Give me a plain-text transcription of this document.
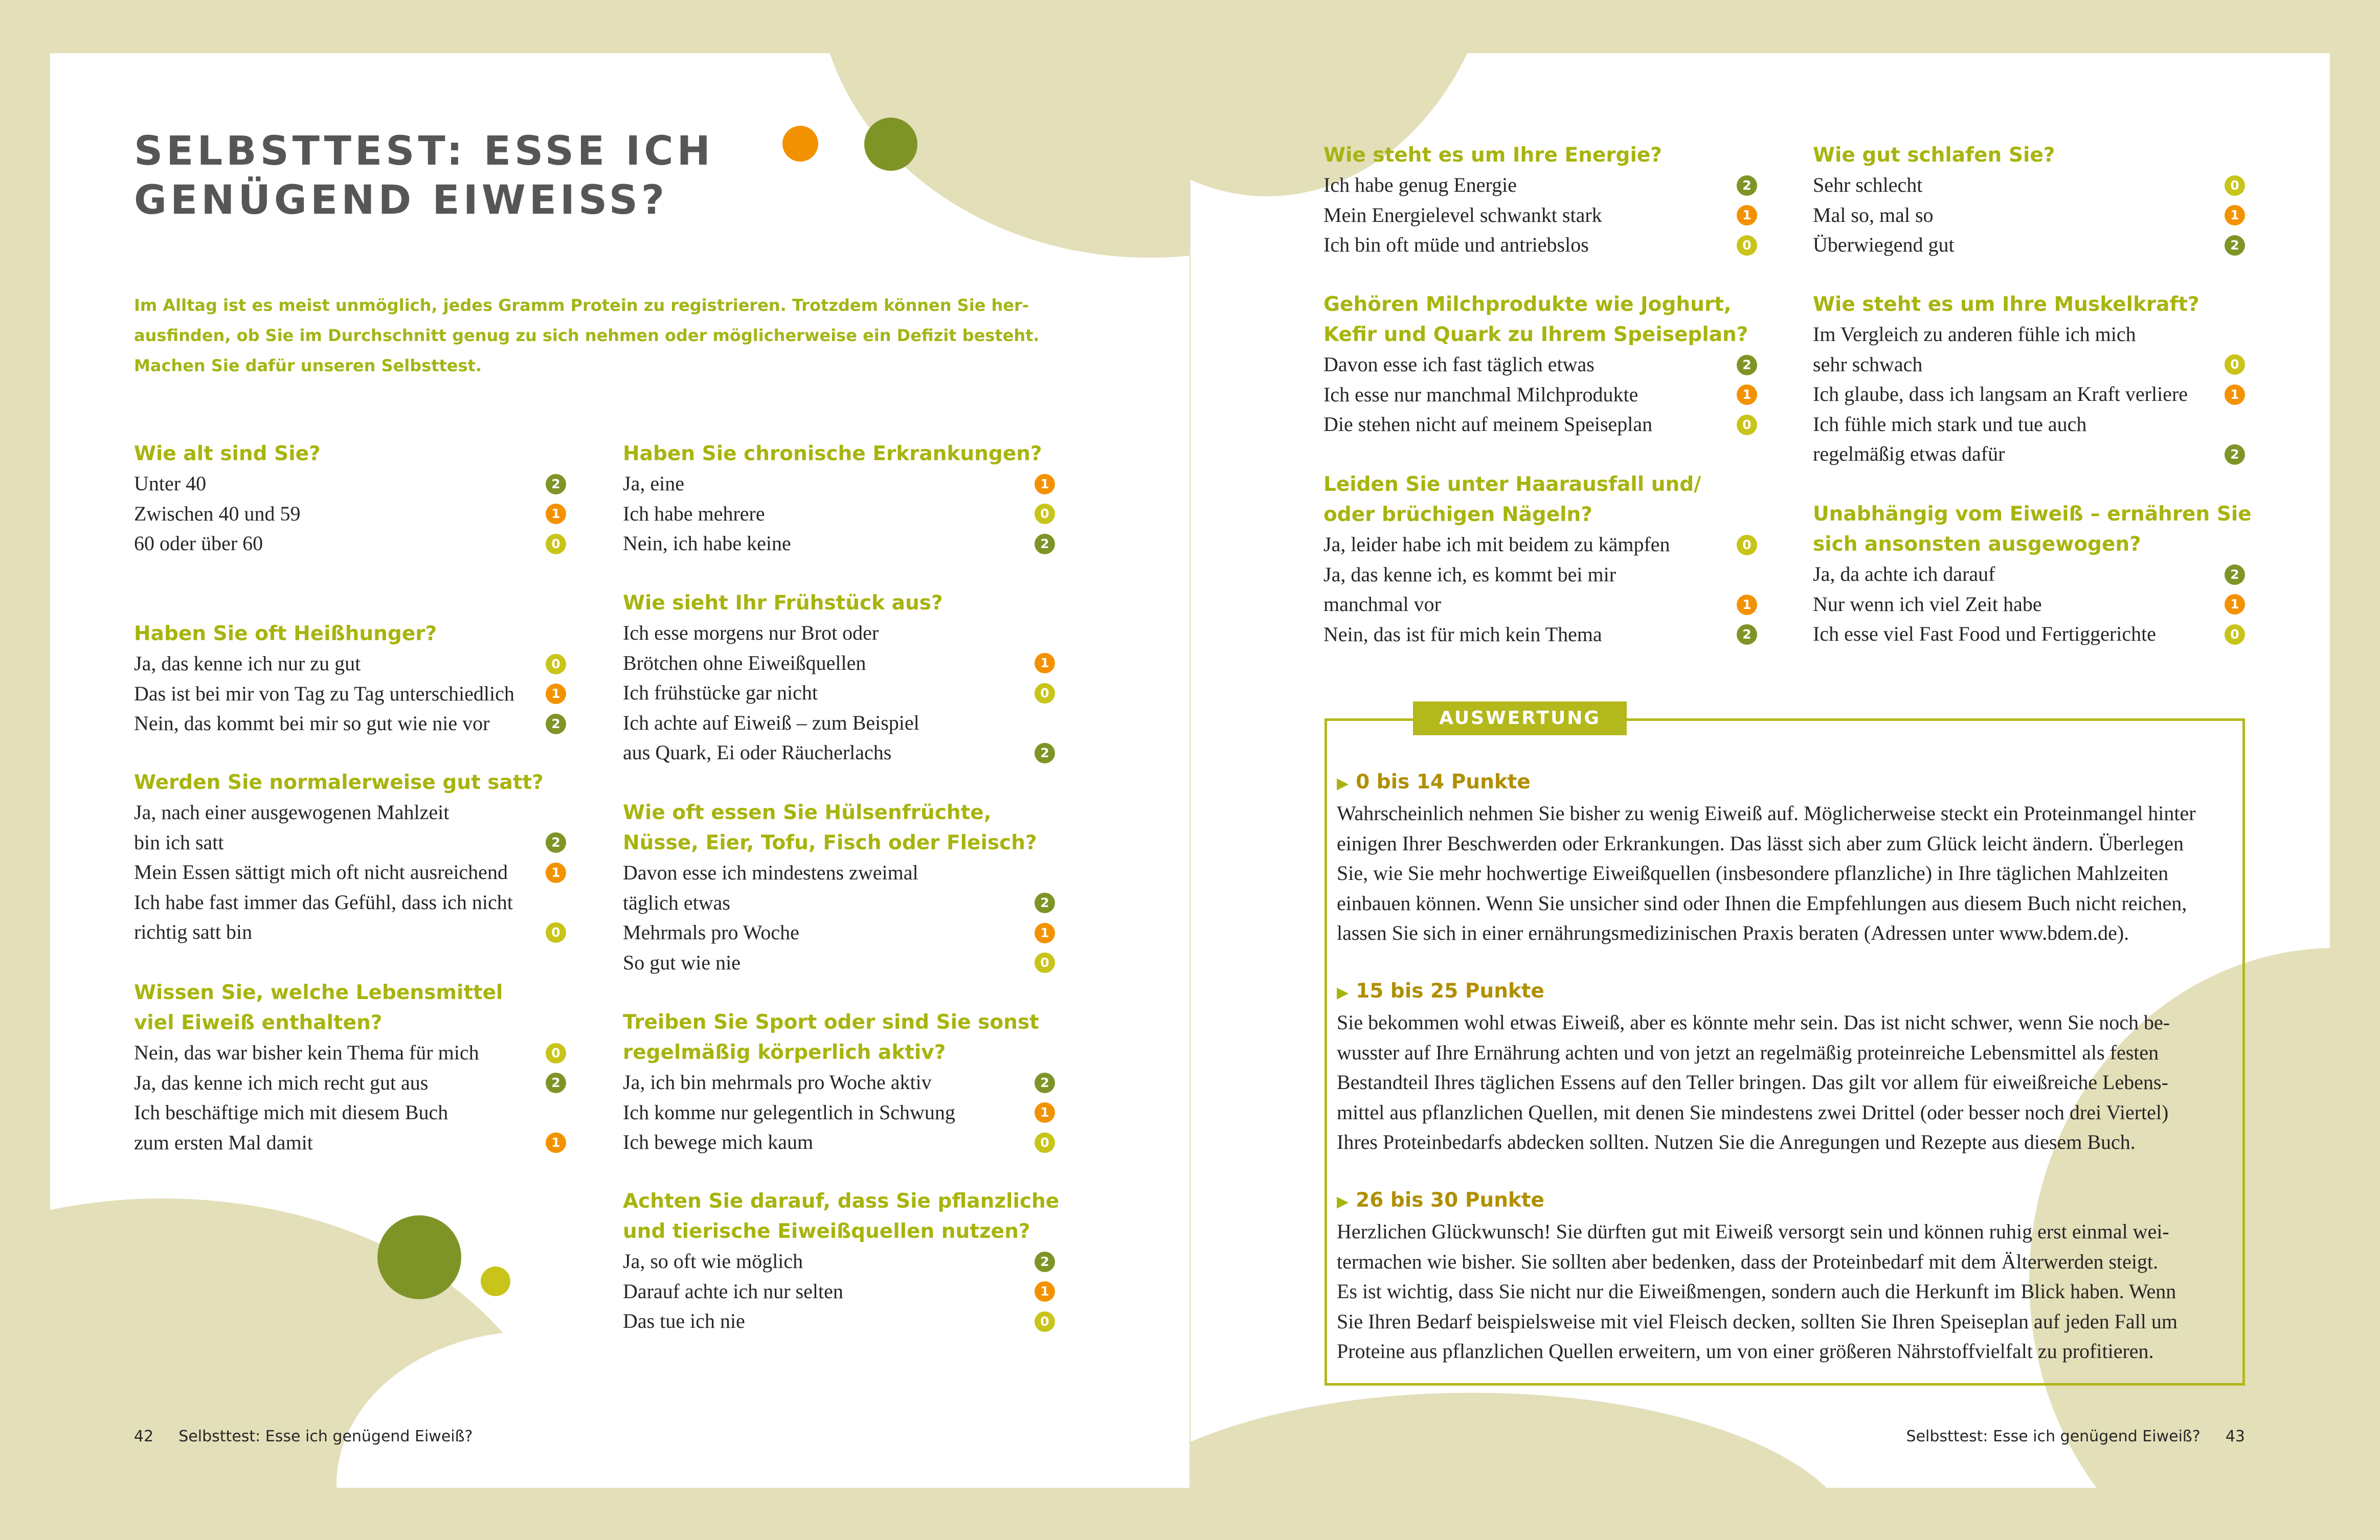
SELBSTTEST: ESSE ICH
GENÜGEND EIWEISS?
Im Alltag ist es meist unmöglich, jedes Gramm Protein zu registrieren. Trotzdem können Sie her-
ausfinden, ob Sie im Durchschnitt genug zu sich nehmen oder möglicherweise ein Defizit besteht.
Machen Sie dafür unseren Selbsttest.
Wie alt sind Sie?
Unter 40	2
Zwischen 40 und 59	1
60 oder über 60	0
Haben Sie oft Heißhunger?
Ja, das kenne ich nur zu gut	0
Das ist bei mir von Tag zu Tag unterschiedlich	1
Nein, das kommt bei mir so gut wie nie vor	2
Werden Sie normalerweise gut satt?
Ja, nach einer ausgewogenen Mahlzeit
bin ich satt	2
Mein Essen sättigt mich oft nicht ausreichend	1
Ich habe fast immer das Gefühl, dass ich nicht
richtig satt bin	0
Wissen Sie, welche Lebensmittel
viel Eiweiß enthalten?
Nein, das war bisher kein Thema für mich	0
Ja, das kenne ich mich recht gut aus	2
Ich beschäftige mich mit diesem Buch
zum ersten Mal damit	1
Haben Sie chronische Erkrankungen?
Ja, eine	1
Ich habe mehrere	0
Nein, ich habe keine	2
Wie sieht Ihr Frühstück aus?
Ich esse morgens nur Brot oder
Brötchen ohne Eiweißquellen	1
Ich frühstücke gar nicht	0
Ich achte auf Eiweiß – zum Beispiel
aus Quark, Ei oder Räucherlachs	2
Wie oft essen Sie Hülsenfrüchte,
Nüsse, Eier, Tofu, Fisch oder Fleisch?
Davon esse ich mindestens zweimal
täglich etwas	2
Mehrmals pro Woche	1
So gut wie nie	0
Treiben Sie Sport oder sind Sie sonst
regelmäßig körperlich aktiv?
Ja, ich bin mehrmals pro Woche aktiv	2
Ich komme nur gelegentlich in Schwung	1
Ich bewege mich kaum	0
Achten Sie darauf, dass Sie pflanzliche
und tierische Eiweißquellen nutzen?
Ja, so oft wie möglich	2
Darauf achte ich nur selten	1
Das tue ich nie	0
Wie steht es um Ihre Energie?
Ich habe genug Energie	2
Mein Energielevel schwankt stark	1
Ich bin oft müde und antriebslos	0
Gehören Milchprodukte wie Joghurt,
Kefir und Quark zu Ihrem Speiseplan?
Davon esse ich fast täglich etwas	2
Ich esse nur manchmal Milchprodukte	1
Die stehen nicht auf meinem Speiseplan	0
Leiden Sie unter Haarausfall und/
oder brüchigen Nägeln?
Ja, leider habe ich mit beidem zu kämpfen	0
Ja, das kenne ich, es kommt bei mir
manchmal vor	1
Nein, das ist für mich kein Thema	2
Wie gut schlafen Sie?
Sehr schlecht	0
Mal so, mal so	1
Überwiegend gut	2
Wie steht es um Ihre Muskelkraft?
Im Vergleich zu anderen fühle ich mich
sehr schwach	0
Ich glaube, dass ich langsam an Kraft verliere	1
Ich fühle mich stark und tue auch
regelmäßig etwas dafür	2
Unabhängig vom Eiweiß – ernähren Sie
sich ansonsten ausgewogen?
Ja, da achte ich darauf	2
Nur wenn ich viel Zeit habe	1
Ich esse viel Fast Food und Fertiggerichte	0
AUSWERTUNG
▶ 0 bis 14 Punkte
Wahrscheinlich nehmen Sie bisher zu wenig Eiweiß auf. Möglicherweise steckt ein Proteinmangel hinter
einigen Ihrer Beschwerden oder Erkrankungen. Das lässt sich aber zum Glück leicht ändern. Überlegen
Sie, wie Sie mehr hochwertige Eiweißquellen (insbesondere pflanzliche) in Ihre täglichen Mahlzeiten
einbauen können. Wenn Sie unsicher sind oder Ihnen die Empfehlungen aus diesem Buch nicht reichen,
lassen Sie sich in einer ernährungsmedizinischen Praxis beraten (Adressen unter www.bdem.de).
▶ 15 bis 25 Punkte
Sie bekommen wohl etwas Eiweiß, aber es könnte mehr sein. Das ist nicht schwer, wenn Sie noch be-
wusster auf Ihre Ernährung achten und von jetzt an regelmäßig proteinreiche Lebensmittel als festen
Bestandteil Ihres täglichen Essens auf den Teller bringen. Das gilt vor allem für eiweißreiche Lebens-
mittel aus pflanzlichen Quellen, mit denen Sie mindestens zwei Drittel (oder besser noch drei Viertel)
Ihres Proteinbedarfs abdecken sollten. Nutzen Sie die Anregungen und Rezepte aus diesem Buch.
▶ 26 bis 30 Punkte
Herzlichen Glückwunsch! Sie dürften gut mit Eiweiß versorgt sein und können ruhig erst einmal wei-
termachen wie bisher. Sie sollten aber bedenken, dass der Proteinbedarf mit dem Älterwerden steigt.
Es ist wichtig, dass Sie nicht nur die Eiweißmengen, sondern auch die Herkunft im Blick haben. Wenn
Sie Ihren Bedarf beispielsweise mit viel Fleisch decken, sollten Sie Ihren Speiseplan auf jeden Fall um
Proteine aus pflanzlichen Quellen erweitern, um von einer größeren Nährstoffvielfalt zu profitieren.
42 Selbsttest: Esse ich genügend Eiweiß?	Selbsttest: Esse ich genügend Eiweiß? 43
